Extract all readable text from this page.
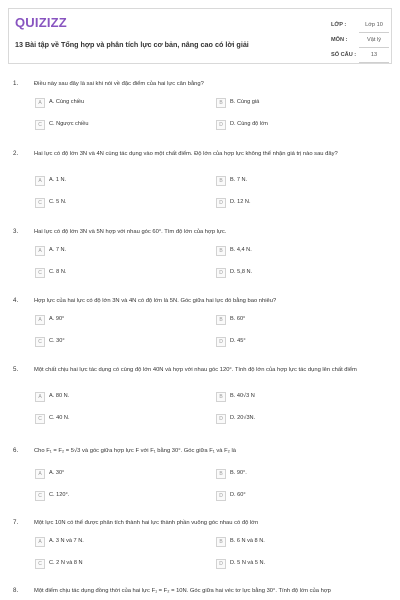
QUIZIZZ
13 Bài tập về Tổng hợp và phân tích lực cơ bản, nâng cao có lời giải
LỚP :
MÔN :
SỐ CÂU :
Lớp 10
Vật lý
13
1.	Điều này sau đây là sai khi nói về đặc điểm của hai lực cân bằng?
A	A. Cùng chiều	B	B. Cùng giá
C	C. Ngược chiều	D	D. Cùng độ lớn
2.	Hai lực có độ lớn 3N và 4N cùng tác dụng vào một chất điểm. Độ lớn của hợp lực không thể nhận giá trị nào sau đây?
A	A. 1 N.	B	B. 7 N.
C	C. 5 N.	D	D. 12 N.
3.	Hai lực có độ lớn 3N và 5N hợp với nhau góc 60°. Tìm độ lớn của hợp lực.
A	A. 7 N.	B	B. 4,4 N.
C	C. 8 N.	D	D. 5,8 N.
4.	Hợp lực của hai lực có độ lớn 3N và 4N có độ lớn là 5N. Góc giữa hai lực đó bằng bao nhiêu?
A	A. 90°	B	B. 60°
C	C. 30°	D	D. 45°
5.	Một chất chịu hai lực tác dụng có cùng độ lớn 40N và hợp với nhau góc 120°. Tính độ lớn của hợp lực tác dụng lên chất điểm
A	A. 80 N.	B	B. 40√3 N
C	C. 40 N.	D	D. 20√3N.
6.	Cho F₁ = F₂ = 5√3 và góc giữa hợp lực F với F₁ bằng 30°. Góc giữa F₁ và F₂ là
A	A. 30°	B	B. 90°.
C	C. 120°.	D	D. 60°
7.	Một lực 10N có thể được phân tích thành hai lực thành phần vuông góc nhau có độ lớn
A	A. 3 N và 7 N.	B	B. 6 N và 8 N.
C	C. 2 N và 8 N	D	D. 5 N và 5 N.
8.	Một điểm chịu tác dụng đồng thời của hai lực F₁ = F₂ = 10N. Góc giữa hai véc tơ lực bằng 30°. Tính độ lớn của hợp
